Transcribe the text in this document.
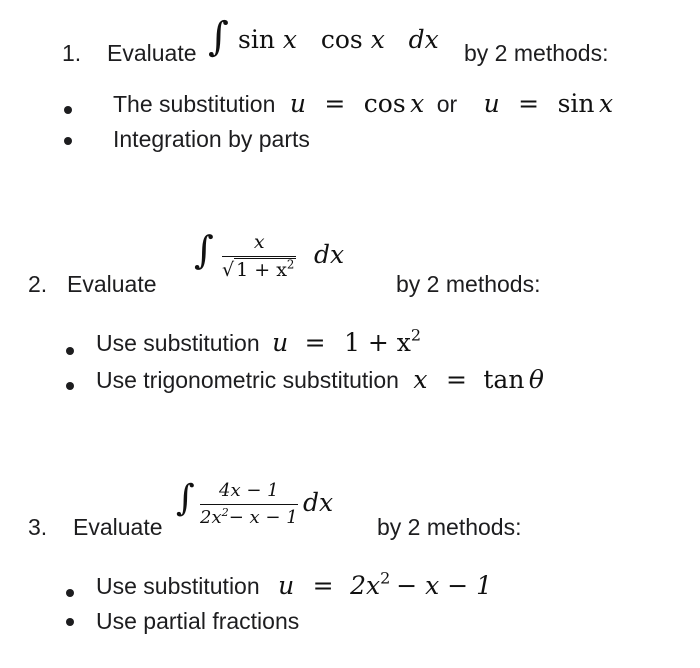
1. Evaluate ∫ sin x cos x dx by 2 methods:
The substitution u = cos x or u = sin x
Integration by parts
2. Evaluate
∫ $\frac{x}{√ 1 + x^2}$ dx
by 2 methods:
Use substitution $u = 1 + x^2$
Use trigonometric substitution x = tan θ
3. Evaluate
∫ $\frac{4x - 1}{2x^2- x - 1}$ dx
by 2 methods:
Use substitution $u = 2x^2 - x - 1$
Use partial fractions
